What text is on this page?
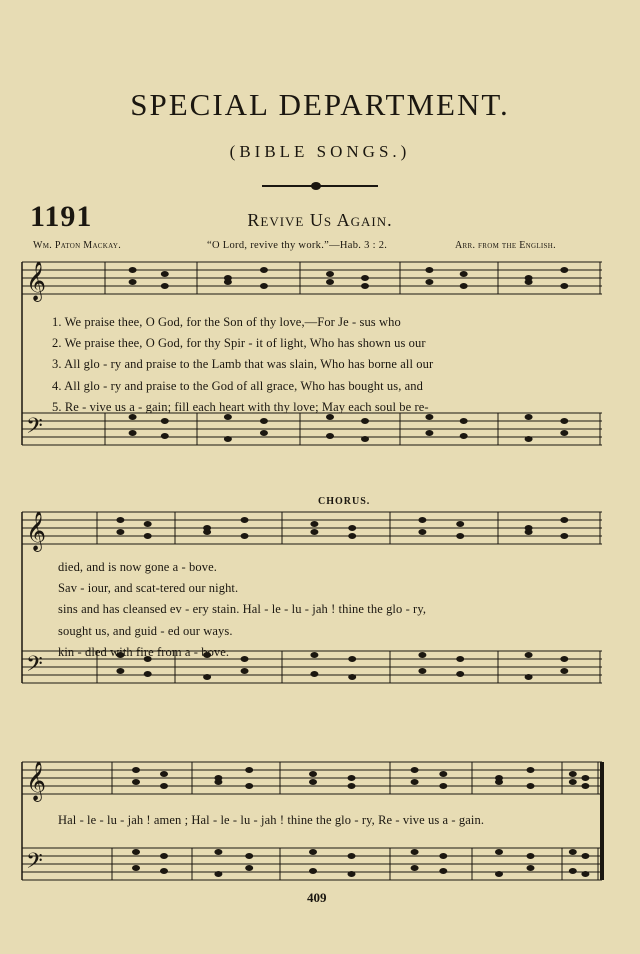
SPECIAL DEPARTMENT.
(BIBLE SONGS.)
1191	Revive Us Again.
Wm. Paton Mackay.	“O Lord, revive thy work.”—Hab. 3 : 2.	Arr. from the English.
𝄞
𝄢
𝄞
𝄢
𝄞
𝄢
1. We praise thee, O God, for the Son of thy love,—For Je - sus who
2. We praise thee, O God, for thy Spir - it of light, Who has shown us our
3. All glo - ry and praise to the Lamb that was slain, Who has borne all our
4. All glo - ry and praise to the God of all grace, Who has bought us, and
5. Re - vive us a - gain; fill each heart with thy love; May each soul be re-
CHORUS.
died, and is now gone a - bove.
Sav - iour, and scat-tered our night.
sins and has cleansed ev - ery stain. Hal - le - lu - jah ! thine the glo - ry,
sought us, and guid - ed our ways.
kin - dled with fire from a - bove.
Hal - le - lu - jah ! amen ; Hal - le - lu - jah ! thine the glo - ry, Re - vive us a - gain.
409
